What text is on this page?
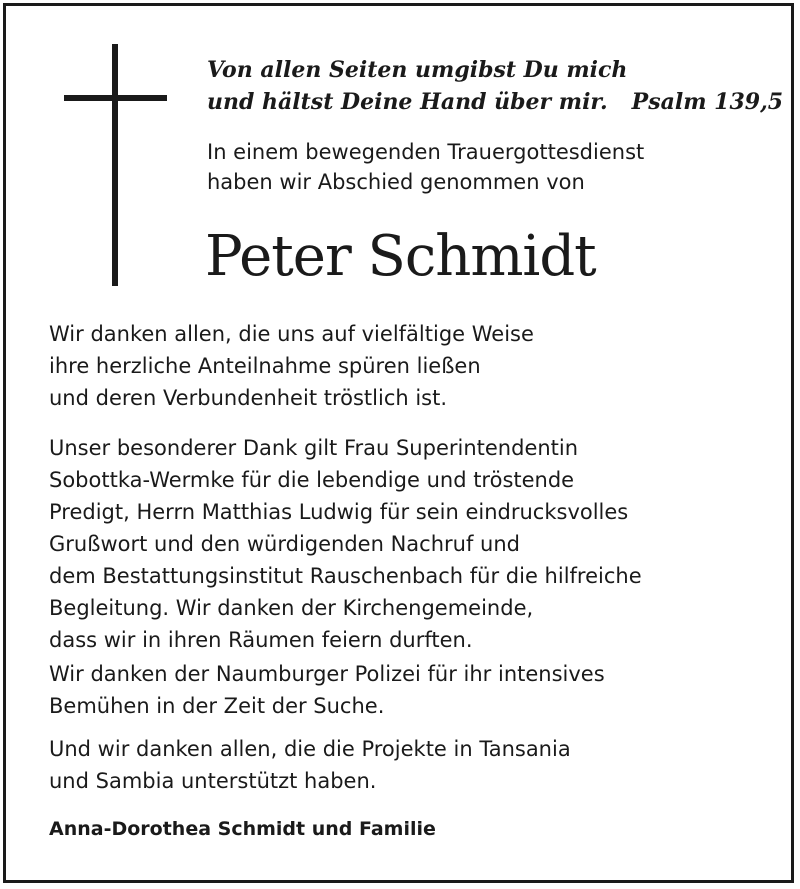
Von allen Seiten umgibst Du mich
und hältst Deine Hand über mir. Psalm 139,5
In einem bewegenden Trauergottesdienst
haben wir Abschied genommen von
Peter Schmidt
Wir danken allen, die uns auf vielfältige Weise
ihre herzliche Anteilnahme spüren ließen
und deren Verbundenheit tröstlich ist.
Unser besonderer Dank gilt Frau Superintendentin
Sobottka-Wermke für die lebendige und tröstende
Predigt, Herrn Matthias Ludwig für sein eindrucksvolles
Grußwort und den würdigenden Nachruf und
dem Bestattungsinstitut Rauschenbach für die hilfreiche
Begleitung. Wir danken der Kirchengemeinde,
dass wir in ihren Räumen feiern durften.
Wir danken der Naumburger Polizei für ihr intensives
Bemühen in der Zeit der Suche.
Und wir danken allen, die die Projekte in Tansania
und Sambia unterstützt haben.
Anna-Dorothea Schmidt und Familie
